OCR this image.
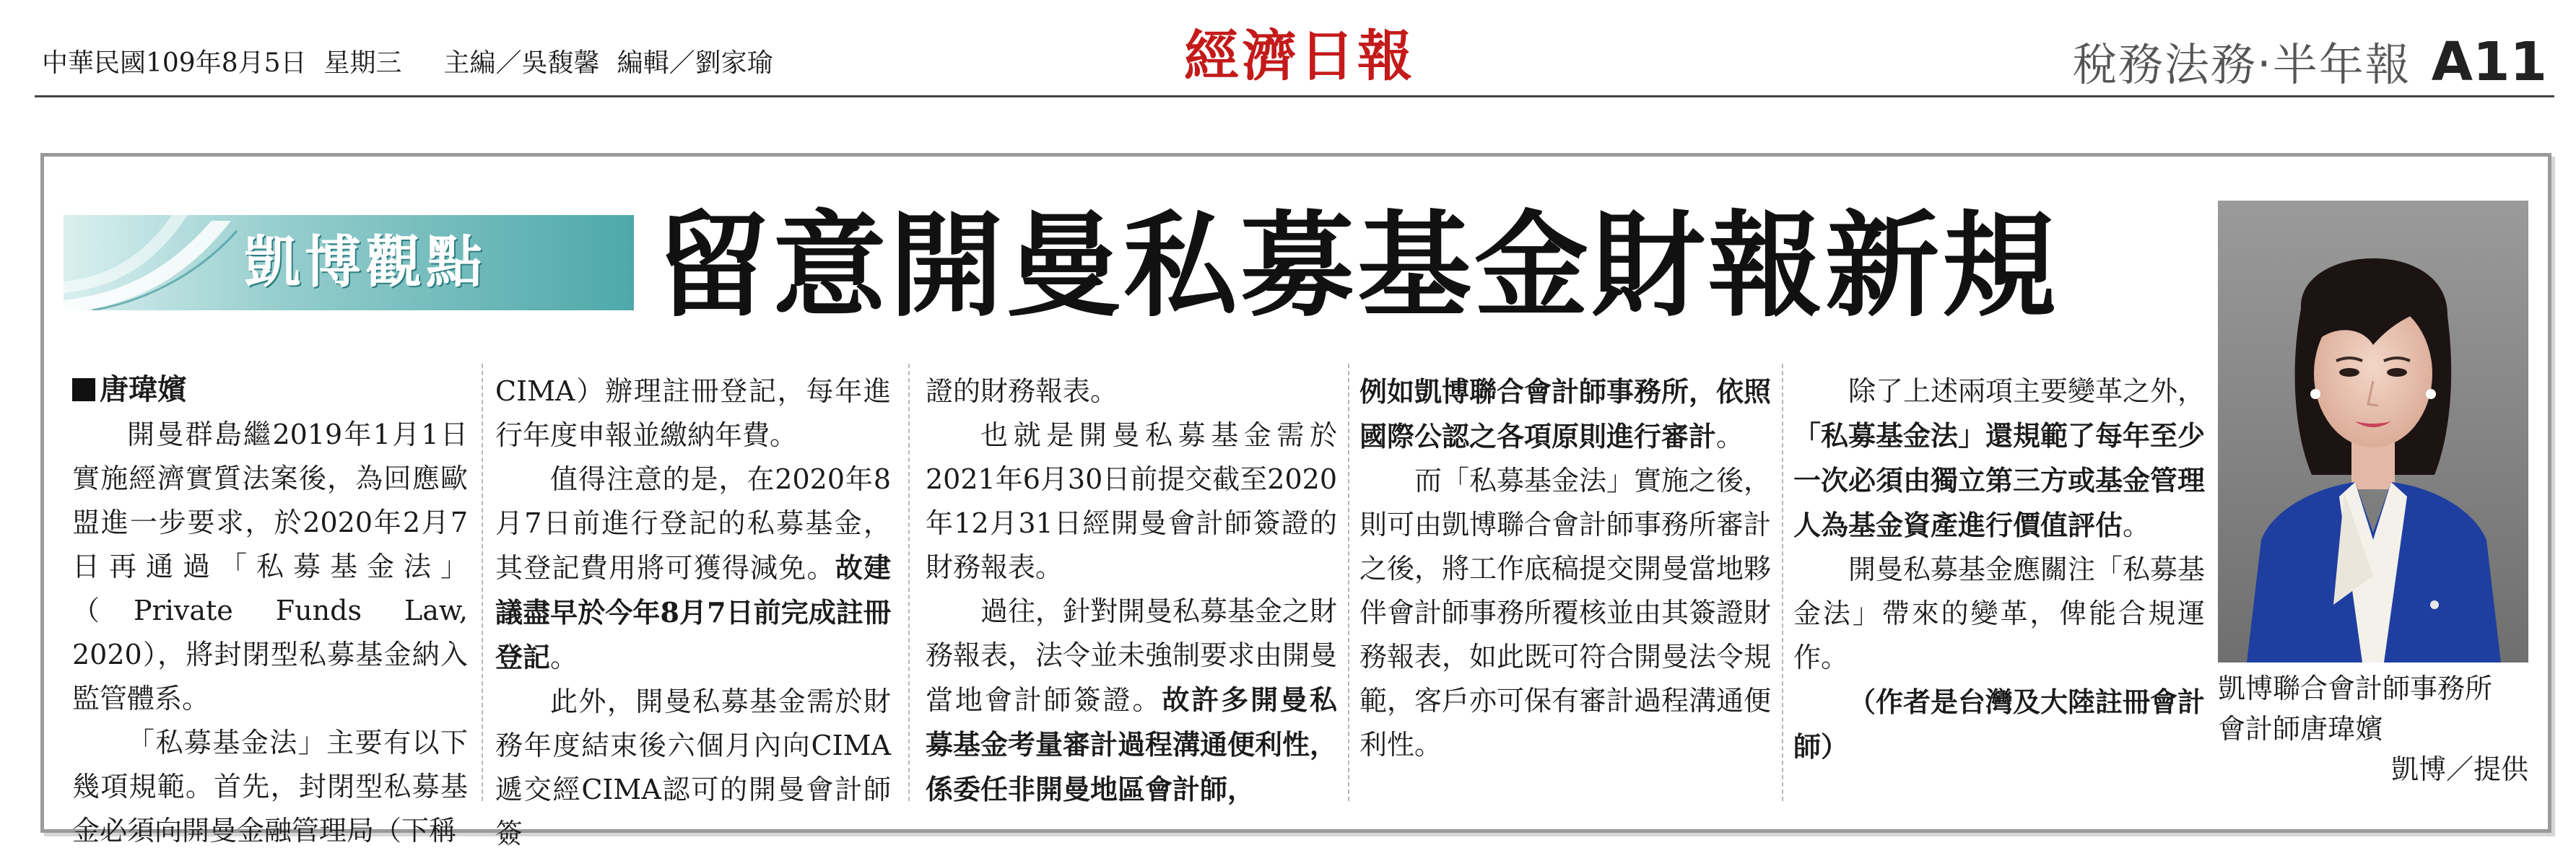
中華民國109年8月5日 星期三 主編／吳馥馨 編輯／劉家瑜	經濟日報	稅務法務‧半年報 A11
凱博觀點 留意開曼私募基金財報新規

唐瑋嬪

開曼群島繼2019年1月1日實施經濟實質法案後，為回應歐盟進一步要求，於2020年2月7日再通過「私募基金法」（Private Funds Law, 2020），將封閉型私募基金納入監管體系。

「私募基金法」主要有以下幾項規範。首先，封閉型私募基金必須向開曼金融管理局（下稱

CIMA）辦理註冊登記，每年進行年度申報並繳納年費。

值得注意的是，在2020年8月7日前進行登記的私募基金，其登記費用將可獲得減免。故建議盡早於今年8月7日前完成註冊登記。

此外，開曼私募基金需於財務年度結束後六個月內向CIMA遞交經CIMA認可的開曼會計師簽

證的財務報表。

也就是開曼私募基金需於2021年6月30日前提交截至2020年12月31日經開曼會計師簽證的財務報表。

過往，針對開曼私募基金之財務報表，法令並未強制要求由開曼當地會計師簽證。故許多開曼私募基金考量審計過程溝通便利性，係委任非開曼地區會計師，

例如凱博聯合會計師事務所，依照國際公認之各項原則進行審計。

而「私募基金法」實施之後，則可由凱博聯合會計師事務所審計之後，將工作底稿提交開曼當地夥伴會計師事務所覆核並由其簽證財務報表，如此既可符合開曼法令規範，客戶亦可保有審計過程溝通便利性。

除了上述兩項主要變革之外，「私募基金法」還規範了每年至少一次必須由獨立第三方或基金管理人為基金資產進行價值評估。

開曼私募基金應關注「私募基金法」帶來的變革，俾能合規運作。

（作者是台灣及大陸註冊會計師）

凱博聯合會計師事務所
會計師唐瑋嬪
凱博／提供
